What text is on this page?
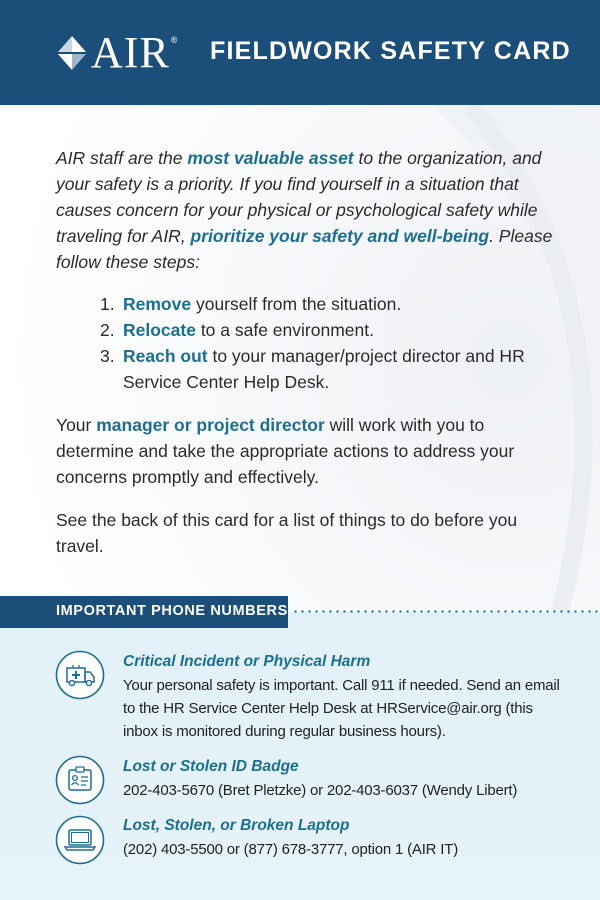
AIR ® FIELDWORK SAFETY CARD

AIR staff are the most valuable asset to the organization, and your safety is a priority. If you find yourself in a situation that causes concern for your physical or psychological safety while traveling for AIR, prioritize your safety and well-being. Please follow these steps:

1. Remove yourself from the situation.
2. Relocate to a safe environment.
3. Reach out to your manager/project director and HR Service Center Help Desk.

Your manager or project director will work with you to determine and take the appropriate actions to address your concerns promptly and effectively.

See the back of this card for a list of things to do before you travel.

IMPORTANT PHONE NUMBERS
Critical Incident or Physical Harm
Your personal safety is important. Call 911 if needed. Send an email to the HR Service Center Help Desk at HRService@air.org (this inbox is monitored during regular business hours).
Lost or Stolen ID Badge
202-403-5670 (Bret Pletzke) or 202-403-6037 (Wendy Libert)
Lost, Stolen, or Broken Laptop
(202) 403-5500 or (877) 678-3777, option 1 (AIR IT)
